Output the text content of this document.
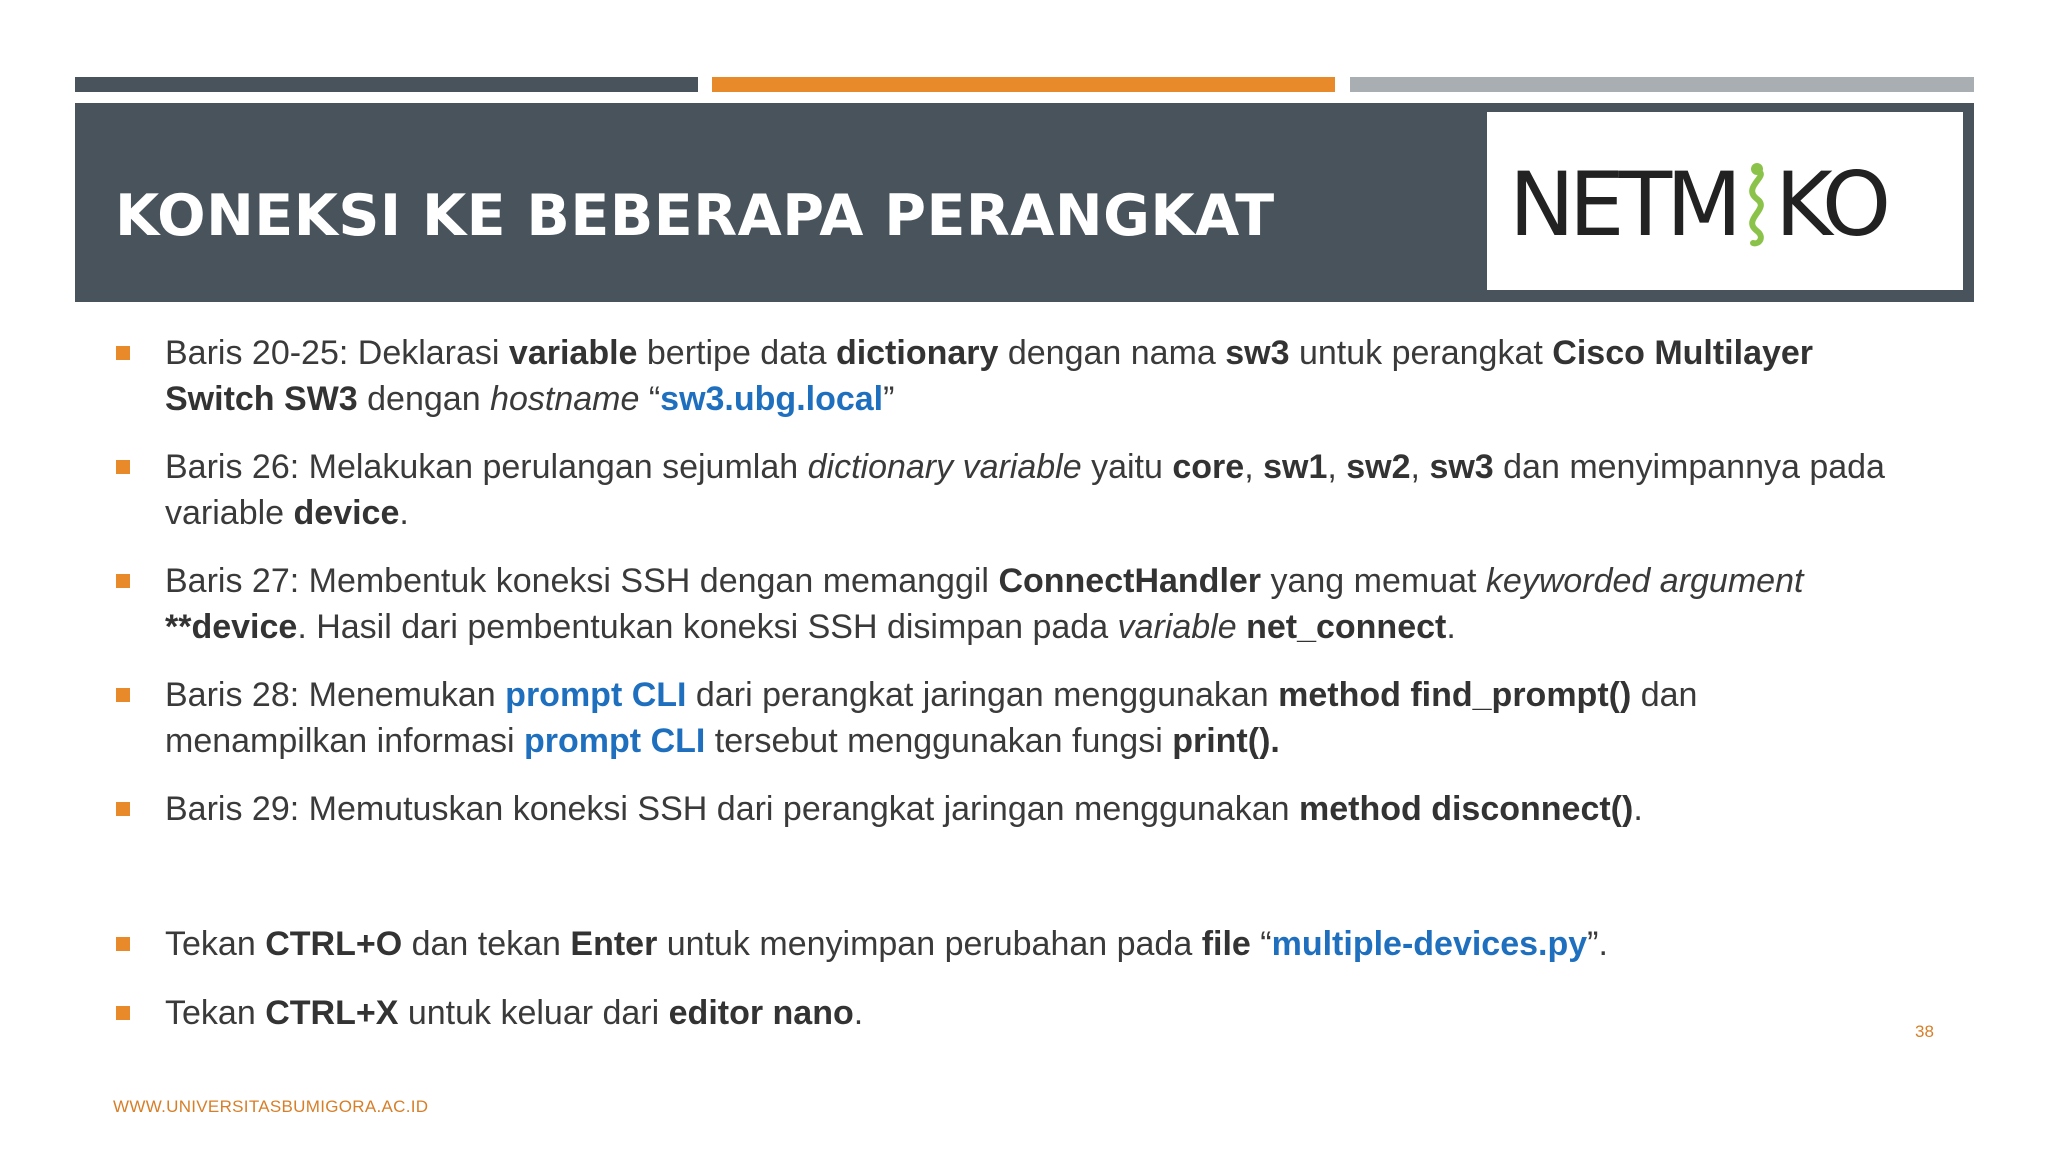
KONEKSI KE BEBERAPA PERANGKAT	NETM KO
Baris 20-25: Deklarasi variable bertipe data dictionary dengan nama sw3 untuk perangkat Cisco Multilayer
Switch SW3 dengan hostname “sw3.ubg.local”
Baris 26: Melakukan perulangan sejumlah dictionary variable yaitu core, sw1, sw2, sw3 dan menyimpannya pada
variable device.
Baris 27: Membentuk koneksi SSH dengan memanggil ConnectHandler yang memuat keyworded argument
**device. Hasil dari pembentukan koneksi SSH disimpan pada variable net_connect.
Baris 28: Menemukan prompt CLI dari perangkat jaringan menggunakan method find_prompt() dan
menampilkan informasi prompt CLI tersebut menggunakan fungsi print().
Baris 29: Memutuskan koneksi SSH dari perangkat jaringan menggunakan method disconnect().
Tekan CTRL+O dan tekan Enter untuk menyimpan perubahan pada file “multiple-devices.py”.
Tekan CTRL+X untuk keluar dari editor nano.	38
WWW.UNIVERSITASBUMIGORA.AC.ID
